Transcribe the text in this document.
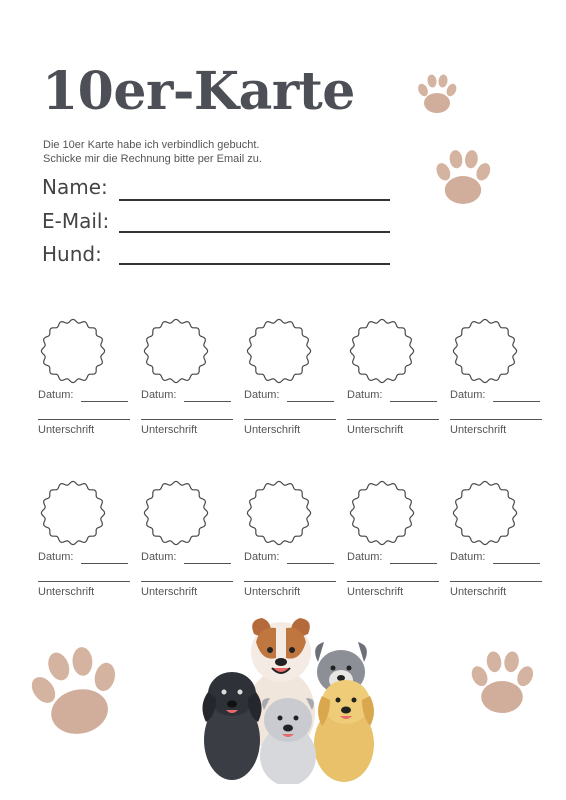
10er-Karte
Die 10er Karte habe ich verbindlich gebucht.
Schicke mir die Rechnung bitte per Email zu.
Name:
E-Mail:
Hund:
Datum:
Unterschrift
Datum:
Unterschrift
Datum:
Unterschrift
Datum:
Unterschrift
Datum:
Unterschrift
Datum:
Unterschrift
Datum:
Unterschrift
Datum:
Unterschrift
Datum:
Unterschrift
Datum:
Unterschrift
